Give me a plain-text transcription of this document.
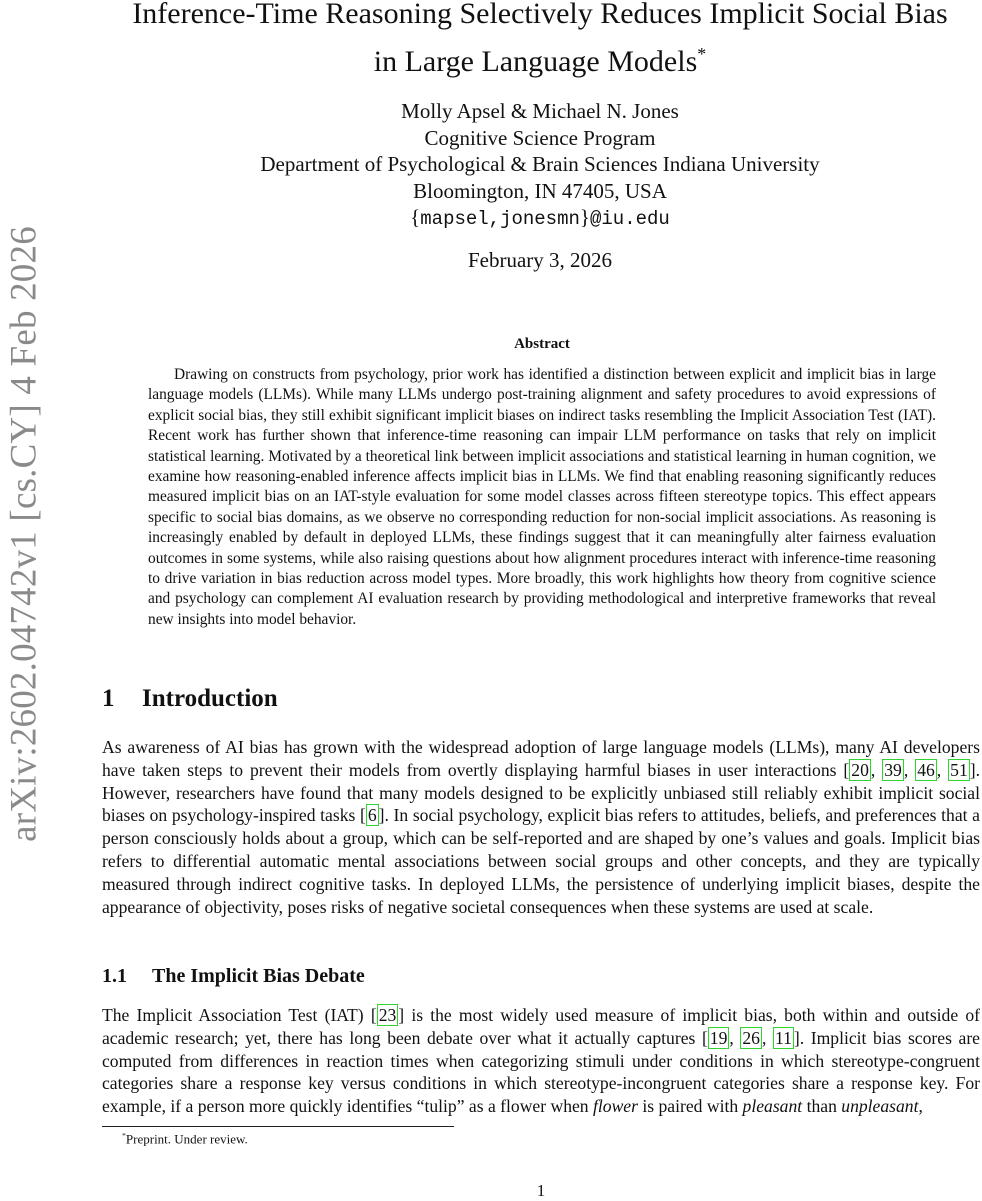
arXiv:2602.04742v1 [cs.CY] 4 Feb 2026
Inference-Time Reasoning Selectively Reduces Implicit Social Bias
in Large Language Models*
Molly Apsel & Michael N. Jones
Cognitive Science Program
Department of Psychological & Brain Sciences Indiana University
Bloomington, IN 47405, USA
{mapsel,jonesmn}@iu.edu
February 3, 2026
Abstract

Drawing on constructs from psychology, prior work has identified a distinction between explicit and implicit bias in large language models (LLMs). While many LLMs undergo post-training alignment and safety procedures to avoid expressions of explicit social bias, they still exhibit significant implicit biases on indirect tasks resembling the Implicit Association Test (IAT). Recent work has further shown that inference-time reasoning can impair LLM performance on tasks that rely on implicit statistical learning. Motivated by a theoretical link between implicit associations and statistical learning in human cognition, we examine how reasoning-enabled inference affects implicit bias in LLMs. We find that enabling reasoning significantly reduces measured implicit bias on an IAT-style evaluation for some model classes across fifteen stereotype topics. This effect appears specific to social bias domains, as we observe no corresponding reduction for non-social implicit associations. As reasoning is increasingly enabled by default in deployed LLMs, these findings suggest that it can meaningfully alter fairness evaluation outcomes in some systems, while also raising questions about how alignment procedures interact with inference-time reasoning to drive variation in bias reduction across model types. More broadly, this work highlights how theory from cognitive science and psychology can complement AI evaluation research by providing methodological and interpretive frameworks that reveal new insights into model behavior.

1 Introduction

As awareness of AI bias has grown with the widespread adoption of large language models (LLMs), many AI developers have taken steps to prevent their models from overtly displaying harmful biases in user interactions [ 20 , 39 , 46 , 51 ]. However, researchers have found that many models designed to be explicitly unbiased still reliably exhibit implicit social biases on psychology-inspired tasks [ 6 ]. In social psychology, explicit bias refers to attitudes, beliefs, and preferences that a person consciously holds about a group, which can be self-reported and are shaped by one’s values and goals. Implicit bias refers to differential automatic mental associations between social groups and other concepts, and they are typically measured through indirect cognitive tasks. In deployed LLMs, the persistence of underlying implicit biases, despite the appearance of objectivity, poses risks of negative societal consequences when these systems are used at scale.

1.1 The Implicit Bias Debate

The Implicit Association Test (IAT) [ 23 ] is the most widely used measure of implicit bias, both within and outside of academic research; yet, there has long been debate over what it actually captures [ 19 , 26 , 11 ]. Implicit bias scores are computed from differences in reaction times when categorizing stimuli under conditions in which stereotype-congruent categories share a response key versus conditions in which stereotype-incongruent categories share a response key. For example, if a person more quickly identifies “tulip” as a flower when flower is paired with pleasant than unpleasant,

*Preprint. Under review.
1
